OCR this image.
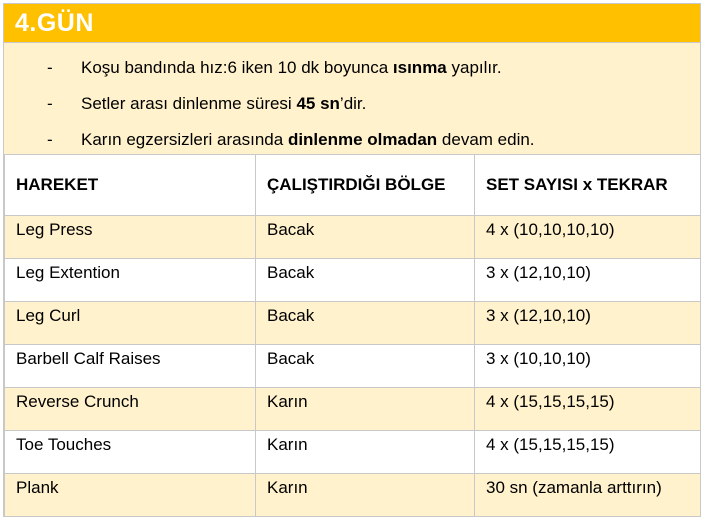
4.GÜN
-	Koşu bandında hız:6 iken 10 dk boyunca ısınma yapılır.
-	Setler arası dinlenme süresi 45 sn’dir.
-	Karın egzersizleri arasında dinlenme olmadan devam edin.
HAREKET	ÇALIŞTIRDIĞI BÖLGE	SET SAYISI x TEKRAR
Leg Press	Bacak	4 x (10,10,10,10)
Leg Extention	Bacak	3 x (12,10,10)
Leg Curl	Bacak	3 x (12,10,10)
Barbell Calf Raises	Bacak	3 x (10,10,10)
Reverse Crunch	Karın	4 x (15,15,15,15)
Toe Touches	Karın	4 x (15,15,15,15)
Plank	Karın	30 sn (zamanla arttırın)
